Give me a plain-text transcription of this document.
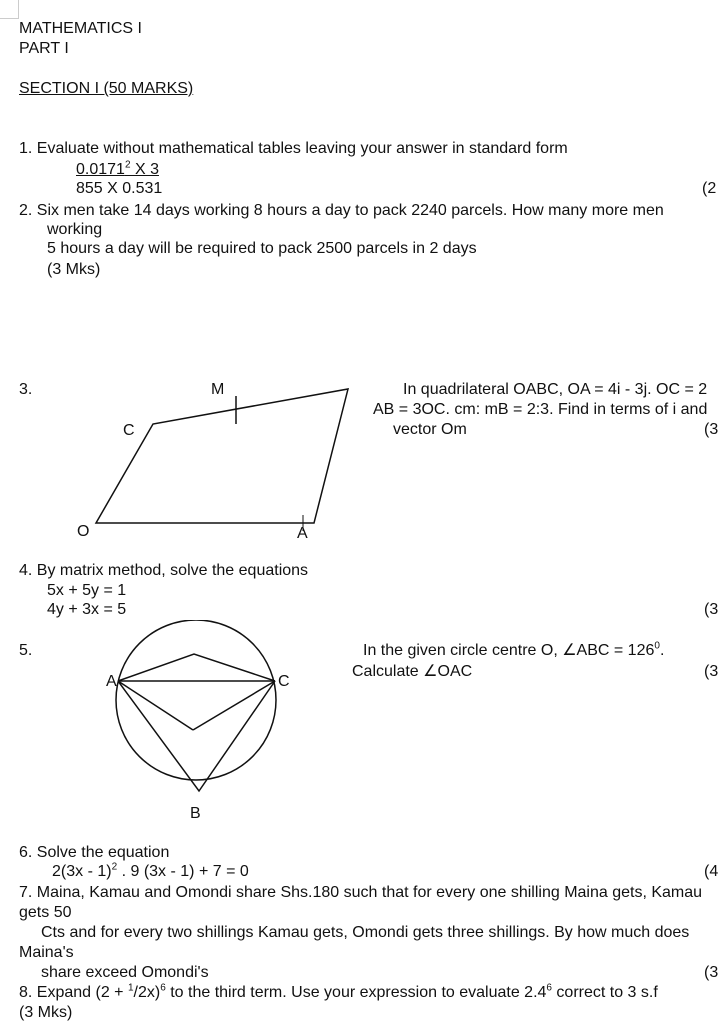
MATHEMATICS I
PART I
SECTION I (50 MARKS)
1. Evaluate without mathematical tables leaving your answer in standard form
0.0171$^2$ X 3
855 X 0.531	(2
2. Six men take 14 days working 8 hours a day to pack 2240 parcels. How many more men
working
5 hours a day will be required to pack 2500 parcels in 2 days
(3 Mks)
3.	M
C
O	A
In quadrilateral OABC, OA = 4i - 3j. OC = 2
AB = 3OC. cm: mB = 2:3. Find in terms of i and
vector Om	(3
4. By matrix method, solve the equations
5x + 5y = 1
4y + 3x = 5	(3
5.
A	C
B
In the given circle centre O, ∠ABC = $126^0$.
Calculate ∠OAC	(3
6. Solve the equation
2(3x - 1)$^2$ . 9 (3x - 1) + 7 = 0	(4
7. Maina, Kamau and Omondi share Shs.180 such that for every one shilling Maina gets, Kamau
gets 50
Cts and for every two shillings Kamau gets, Omondi gets three shillings. By how much does
Maina's
share exceed Omondi's	(3
8. Expand $(2 + ^1/2x)^6$ to the third term. Use your expression to evaluate $2.4^6$ correct to 3 s.f
(3 Mks)
